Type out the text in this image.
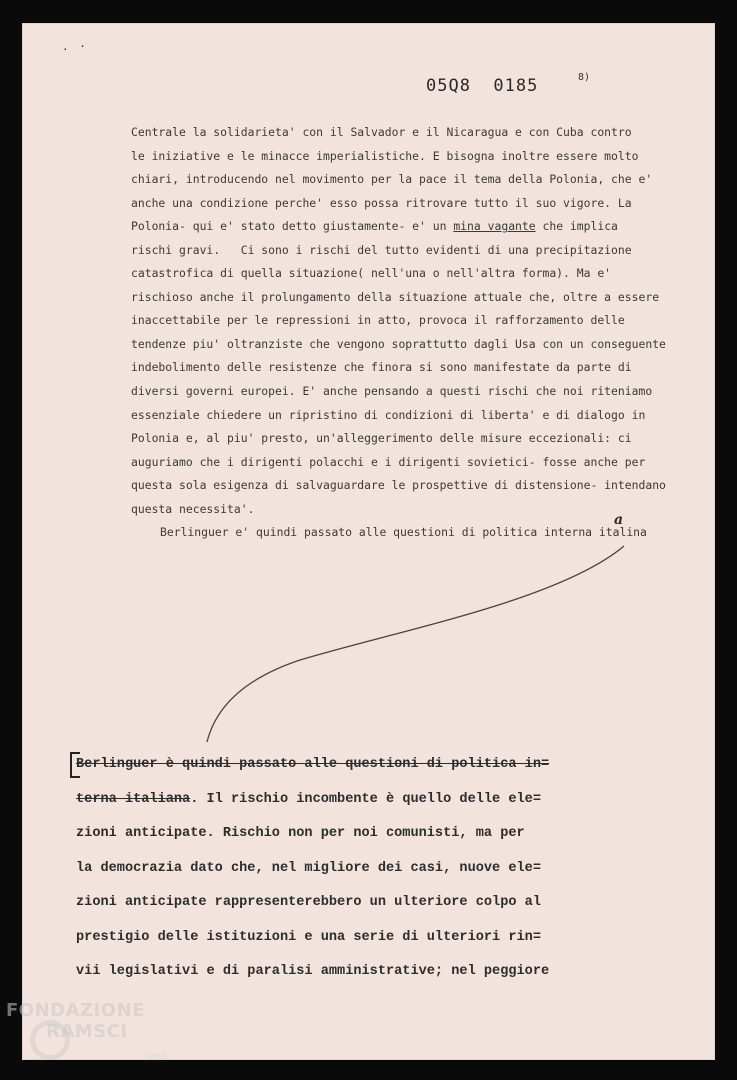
. ·
05Q8  0185	8)
Centrale la solidarieta' con il Salvador e il Nicaragua e con Cuba contro
le iniziative e le minacce imperialistiche. E bisogna inoltre essere molto
chiari, introducendo nel movimento per la pace il tema della Polonia, che e'
anche una condizione perche' esso possa ritrovare tutto il suo vigore. La
Polonia- qui e' stato detto giustamente- e' un mina vagante che implica
rischi gravi.   Ci sono i rischi del tutto evidenti di una precipitazione
catastrofica di quella situazione( nell'una o nell'altra forma). Ma e'
rischioso anche il prolungamento della situazione attuale che, oltre a essere
inaccettabile per le repressioni in atto, provoca il rafforzamento delle
tendenze piu' oltranziste che vengono soprattutto dagli Usa con un conseguente
indebolimento delle resistenze che finora si sono manifestate da parte di
diversi governi europei. E' anche pensando a questi rischi che noi riteniamo
essenziale chiedere un ripristino di condizioni di liberta' e di dialogo in
Polonia e, al piu' presto, un'alleggerimento delle misure eccezionali: ci
auguriamo che i dirigenti polacchi e i dirigenti sovietici- fosse anche per
questa sola esigenza di salvaguardare le prospettive di distensione- intendano
questa necessita'.
Berlinguer e' quindi passato alle questioni di politica interna italina
a
Berlinguer è quindi passato alle questioni di politica in=
terna italiana. Il rischio incombente è quello delle ele=
zioni anticipate. Rischio non per noi comunisti, ma per
la democrazia dato che, nel migliore dei casi, nuove ele=
zioni anticipate rappresenterebbero un ulteriore colpo al
prestigio delle istituzioni e una serie di ulteriori rin=
vii legislativi e di paralisi amministrative; nel peggiore
FONDAZIONE
RAMSCI
onlus
